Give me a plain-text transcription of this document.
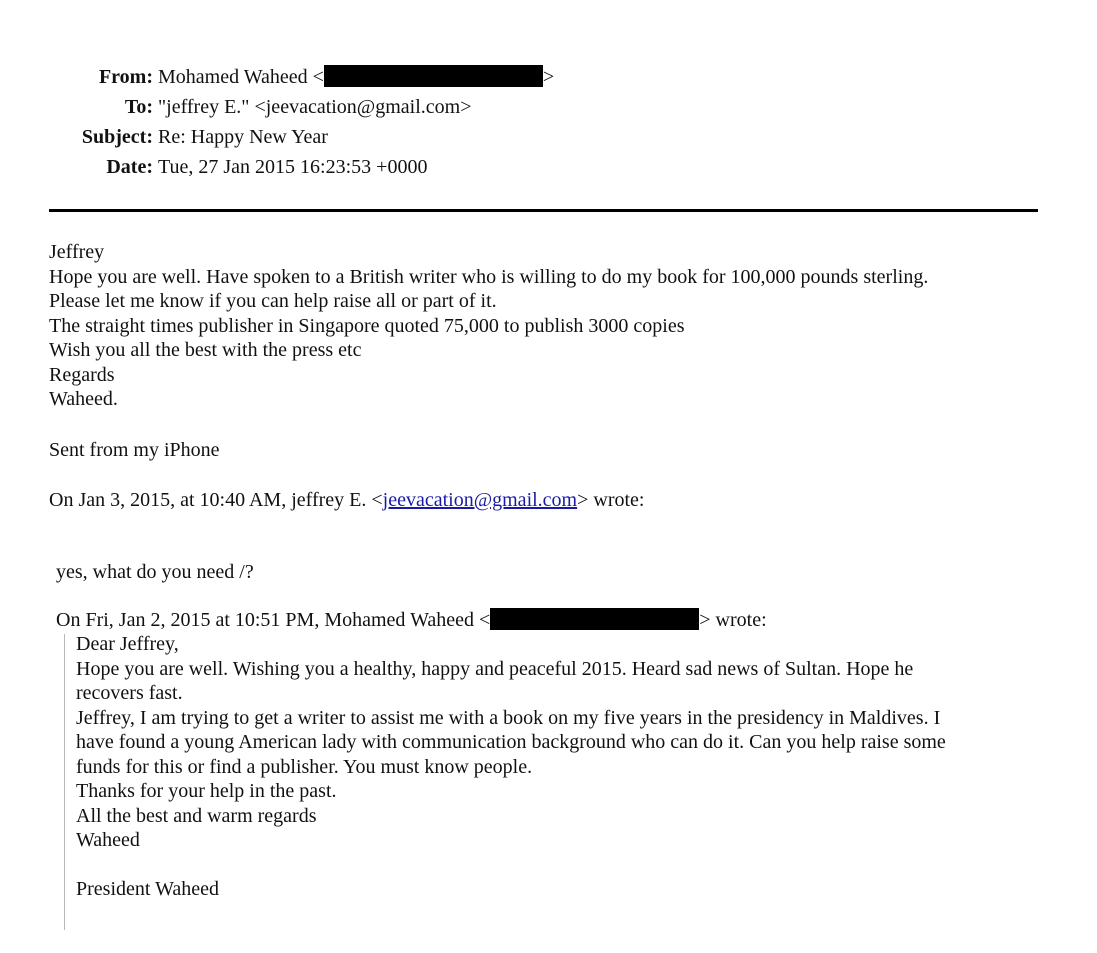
From: Mohamed Waheed <	>
To: "jeffrey E." <jeevacation@gmail.com>
Subject: Re: Happy New Year
Date: Tue, 27 Jan 2015 16:23:53 +0000
Jeffrey
Hope you are well. Have spoken to a British writer who is willing to do my book for 100,000 pounds sterling.
Please let me know if you can help raise all or part of it.
The straight times publisher in Singapore quoted 75,000 to publish 3000 copies
Wish you all the best with the press etc
Regards
Waheed.
Sent from my iPhone
On Jan 3, 2015, at 10:40 AM, jeffrey E. <jeevacation@gmail.com> wrote:
yes, what do you need /?
On Fri, Jan 2, 2015 at 10:51 PM, Mohamed Waheed <	> wrote:
Dear Jeffrey,
Hope you are well. Wishing you a healthy, happy and peaceful 2015. Heard sad news of Sultan. Hope he
recovers fast.
Jeffrey, I am trying to get a writer to assist me with a book on my five years in the presidency in Maldives. I
have found a young American lady with communication background who can do it. Can you help raise some
funds for this or find a publisher. You must know people.
Thanks for your help in the past.
All the best and warm regards
Waheed
President Waheed
